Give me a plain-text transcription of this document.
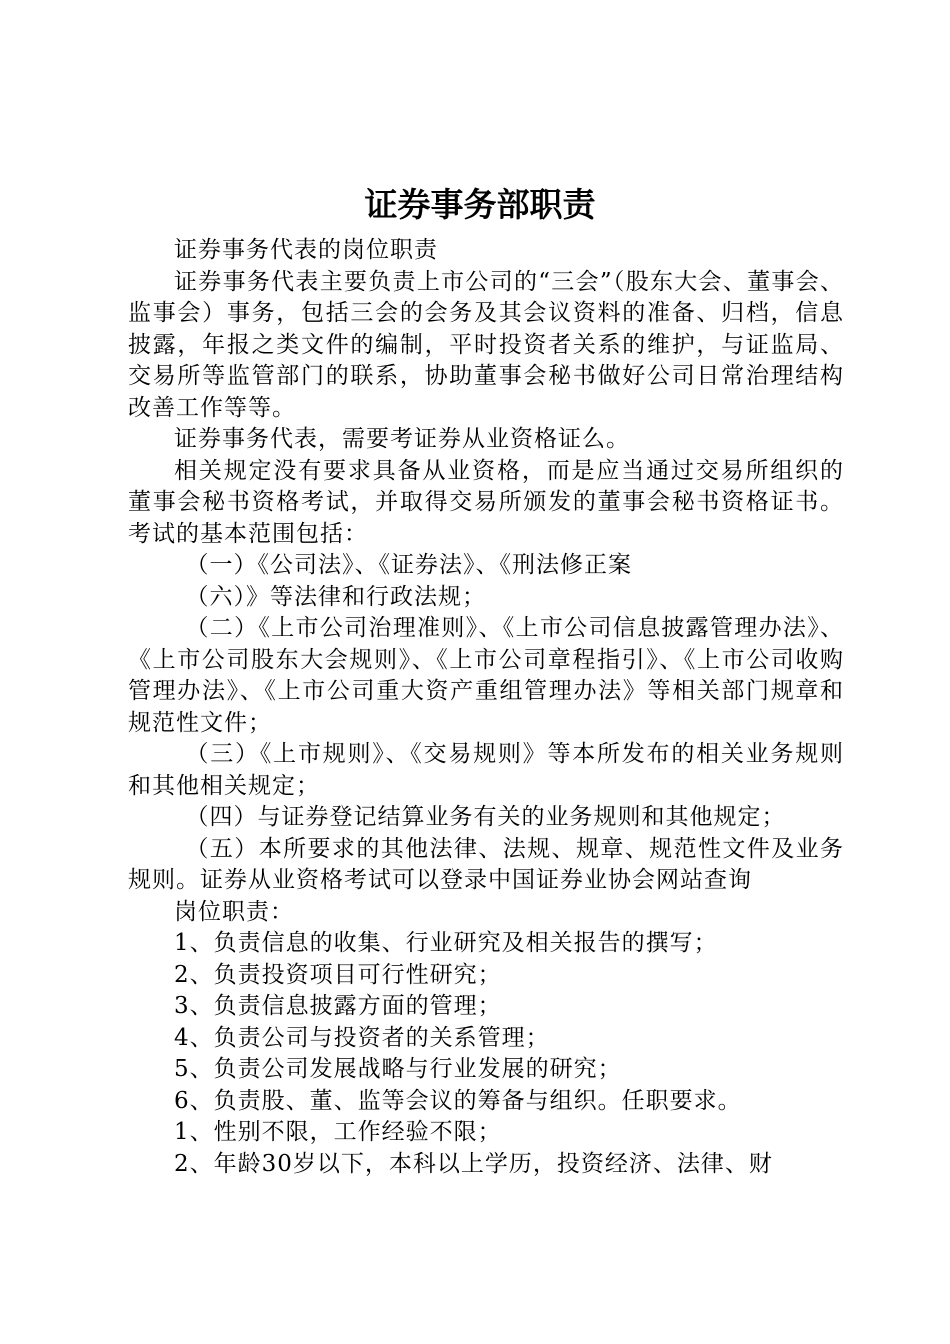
证券事务部职责

证券事务代表的岗位职责

证券事务代表主要负责上市公司的“三会”（股东大会、董事会、监事会）事务，包括三会的会务及其会议资料的准备、归档，信息披露，年报之类文件的编制，平时投资者关系的维护，与证监局、交易所等监管部门的联系，协助董事会秘书做好公司日常治理结构改善工作等等。

证券事务代表，需要考证券从业资格证么。

相关规定没有要求具备从业资格，而是应当通过交易所组织的董事会秘书资格考试，并取得交易所颁发的董事会秘书资格证书。考试的基本范围包括：

（一）《公司法》、《证券法》、《刑法修正案

（六）》等法律和行政法规；

（二）《上市公司治理准则》、《上市公司信息披露管理办法》、《上市公司股东大会规则》、《上市公司章程指引》、《上市公司收购管理办法》、《上市公司重大资产重组管理办法》等相关部门规章和规范性文件；

（三）《上市规则》、《交易规则》等本所发布的相关业务规则和其他相关规定；

（四）与证券登记结算业务有关的业务规则和其他规定；

（五）本所要求的其他法律、法规、规章、规范性文件及业务规则。证券从业资格考试可以登录中国证券业协会网站查询

岗位职责：

1、负责信息的收集、行业研究及相关报告的撰写；

2、负责投资项目可行性研究；

3、负责信息披露方面的管理；

4、负责公司与投资者的关系管理；

5、负责公司发展战略与行业发展的研究；

6、负责股、董、监等会议的筹备与组织。任职要求。

1、性别不限，工作经验不限；

2、年龄30岁以下，本科以上学历，投资经济、法律、财
